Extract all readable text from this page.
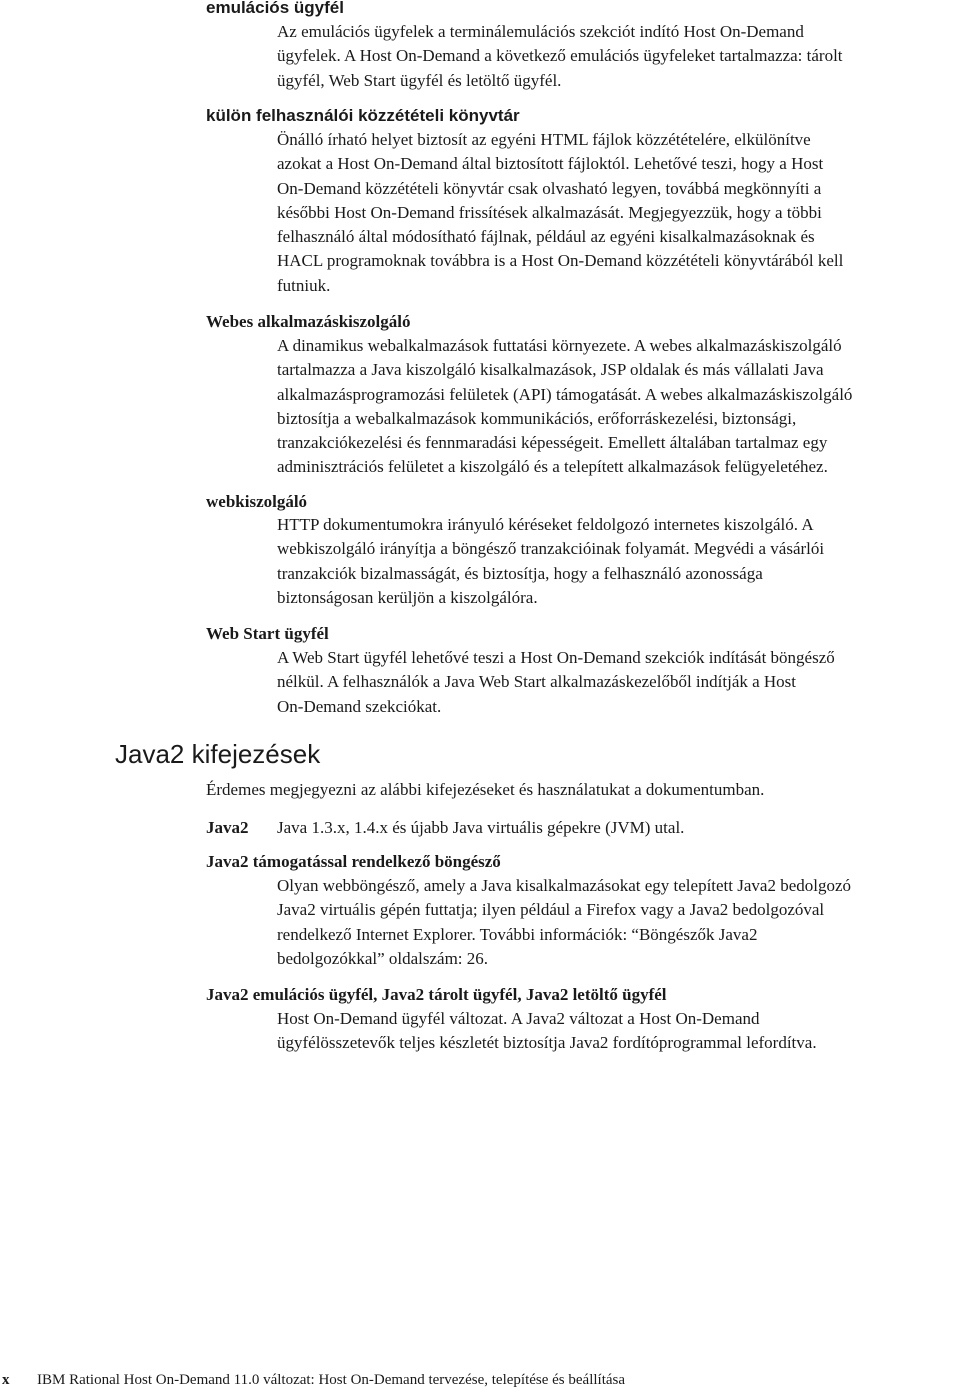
emulációs ügyfél
Az emulációs ügyfelek a terminálemulációs szekciót indító Host On-Demand
ügyfelek. A Host On-Demand a következő emulációs ügyfeleket tartalmazza: tárolt
ügyfél, Web Start ügyfél és letöltő ügyfél.
külön felhasználói közzétételi könyvtár
Önálló írható helyet biztosít az egyéni HTML fájlok közzétételére, elkülönítve
azokat a Host On-Demand által biztosított fájloktól. Lehetővé teszi, hogy a Host
On-Demand közzétételi könyvtár csak olvasható legyen, továbbá megkönnyíti a
későbbi Host On-Demand frissítések alkalmazását. Megjegyezzük, hogy a többi
felhasználó által módosítható fájlnak, például az egyéni kisalkalmazásoknak és
HACL programoknak továbbra is a Host On-Demand közzétételi könyvtárából kell
futniuk.
Webes alkalmazáskiszolgáló
A dinamikus webalkalmazások futtatási környezete. A webes alkalmazáskiszolgáló
tartalmazza a Java kiszolgáló kisalkalmazások, JSP oldalak és más vállalati Java
alkalmazásprogramozási felületek (API) támogatását. A webes alkalmazáskiszolgáló
biztosítja a webalkalmazások kommunikációs, erőforráskezelési, biztonsági,
tranzakciókezelési és fennmaradási képességeit. Emellett általában tartalmaz egy
adminisztrációs felületet a kiszolgáló és a telepített alkalmazások felügyeletéhez.
webkiszolgáló
HTTP dokumentumokra irányuló kéréseket feldolgozó internetes kiszolgáló. A
webkiszolgáló irányítja a böngésző tranzakcióinak folyamát. Megvédi a vásárlói
tranzakciók bizalmasságát, és biztosítja, hogy a felhasználó azonossága
biztonságosan kerüljön a kiszolgálóra.
Web Start ügyfél
A Web Start ügyfél lehetővé teszi a Host On-Demand szekciók indítását böngésző
nélkül. A felhasználók a Java Web Start alkalmazáskezelőből indítják a Host
On-Demand szekciókat.
Java2 kifejezések
Érdemes megjegyezni az alábbi kifejezéseket és használatukat a dokumentumban.
Java2 Java 1.3.x, 1.4.x és újabb Java virtuális gépekre (JVM) utal.
Java2 támogatással rendelkező böngésző
Olyan webböngésző, amely a Java kisalkalmazásokat egy telepített Java2 bedolgozó
Java2 virtuális gépén futtatja; ilyen például a Firefox vagy a Java2 bedolgozóval
rendelkező Internet Explorer. További információk: “Böngészők Java2
bedolgozókkal” oldalszám: 26.
Java2 emulációs ügyfél, Java2 tárolt ügyfél, Java2 letöltő ügyfél
Host On-Demand ügyfél változat. A Java2 változat a Host On-Demand
ügyfélösszetevők teljes készletét biztosítja Java2 fordítóprogrammal lefordítva.
x IBM Rational Host On-Demand 11.0 változat: Host On-Demand tervezése, telepítése és beállítása
